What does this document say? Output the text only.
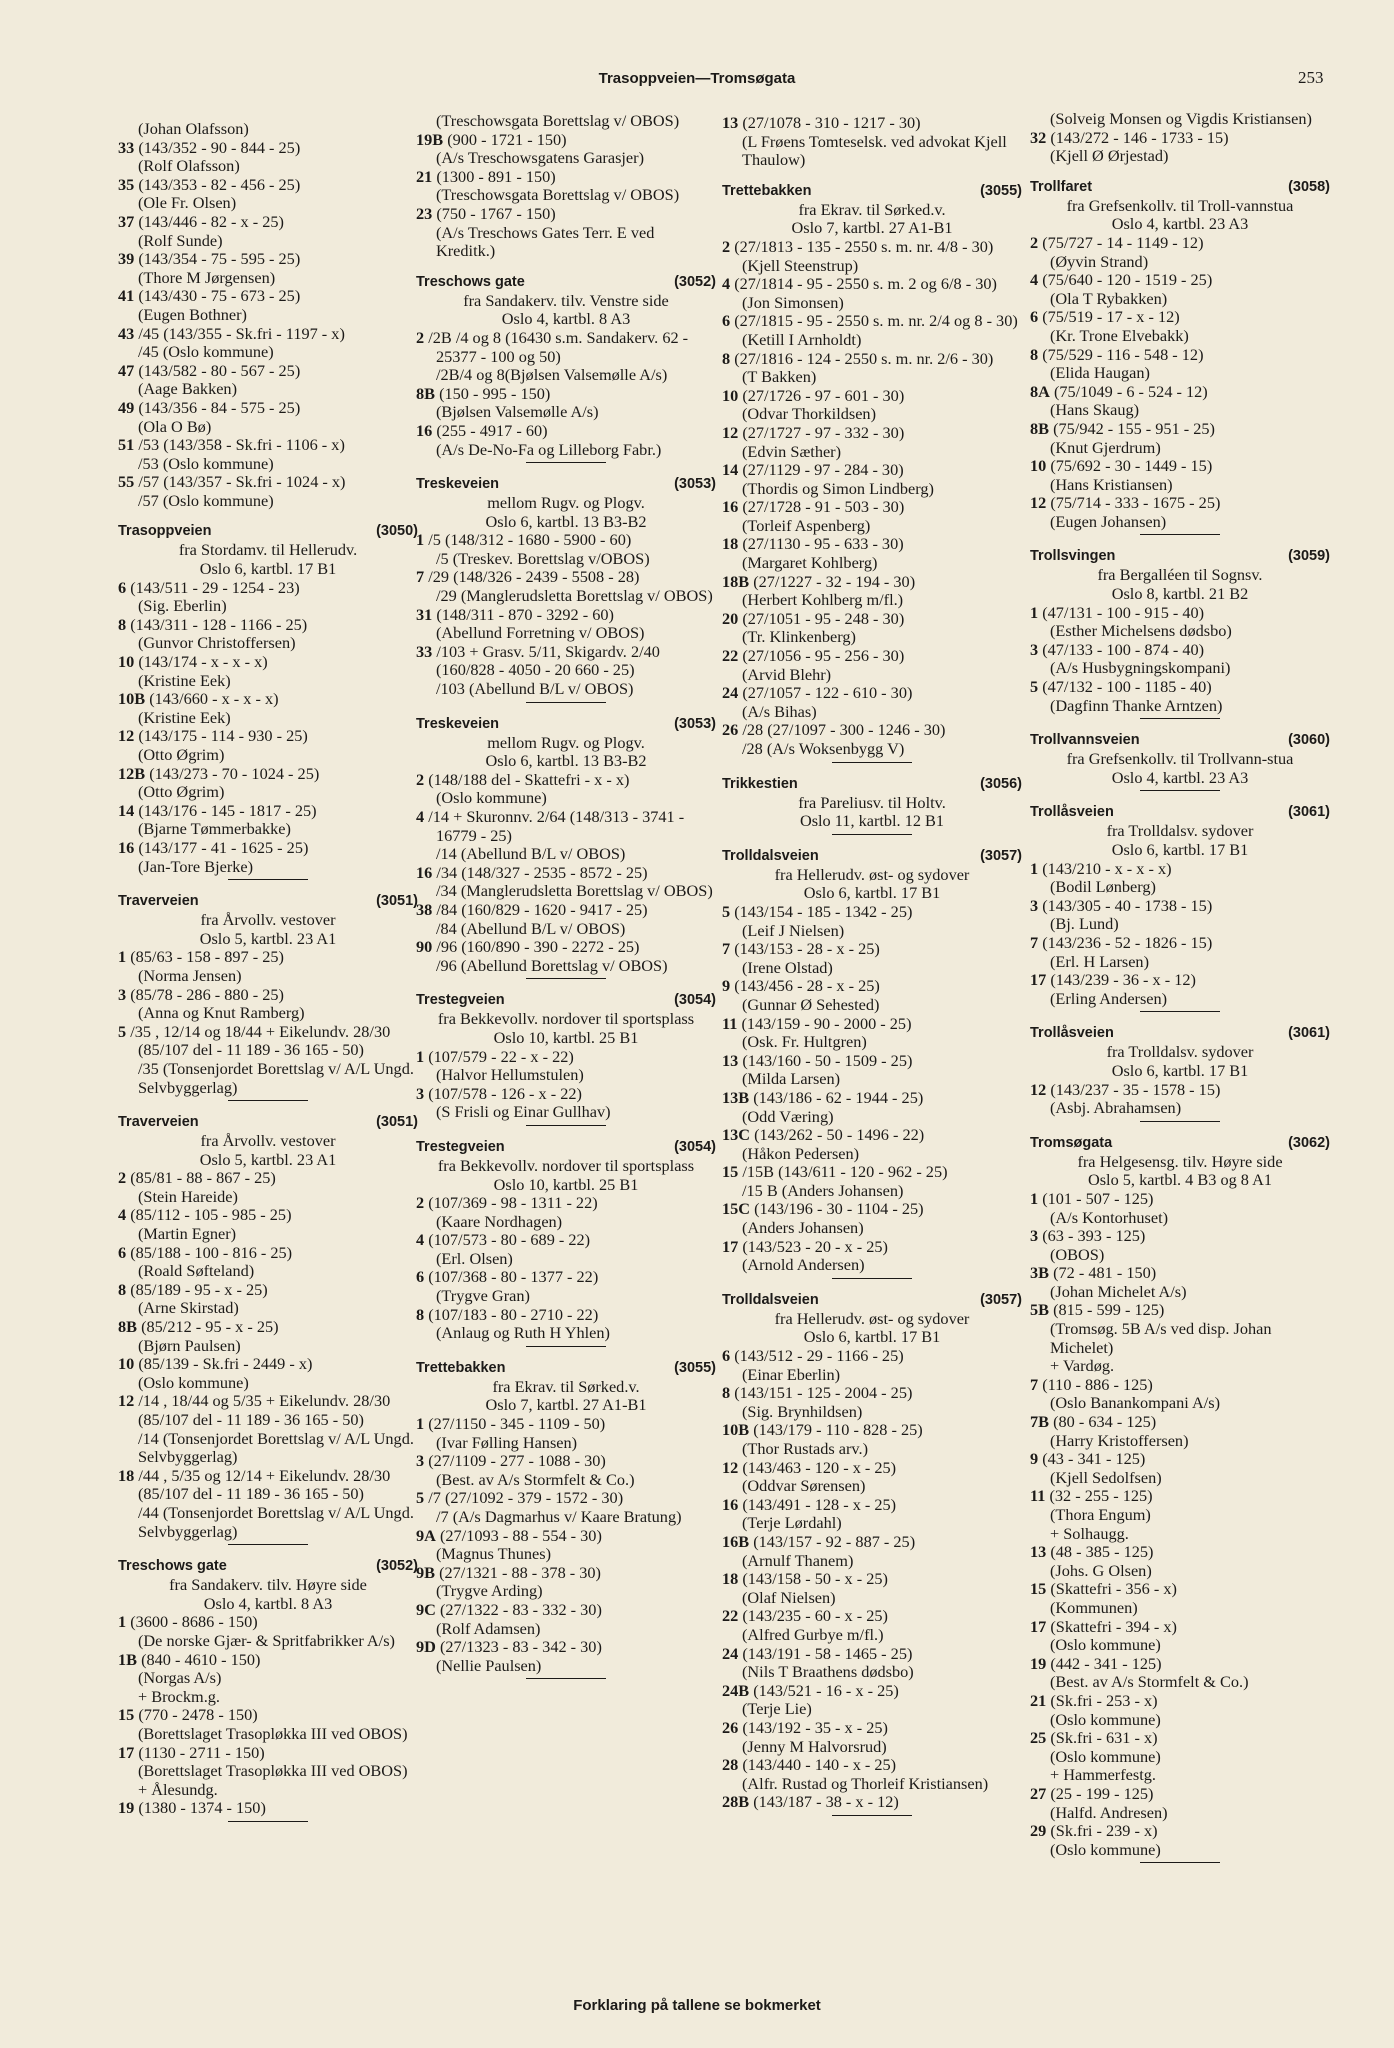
Trasoppveien—Tromsøgata	253
(Johan Olafsson)
33 (143/352 - 90 - 844 - 25)
(Rolf Olafsson)
35 (143/353 - 82 - 456 - 25)
(Ole Fr. Olsen)
37 (143/446 - 82 - x - 25)
(Rolf Sunde)
39 (143/354 - 75 - 595 - 25)
(Thore M Jørgensen)
41 (143/430 - 75 - 673 - 25)
(Eugen Bothner)
43 /45 (143/355 - Sk.fri - 1197 - x)
/45 (Oslo kommune)
47 (143/582 - 80 - 567 - 25)
(Aage Bakken)
49 (143/356 - 84 - 575 - 25)
(Ola O Bø)
51 /53 (143/358 - Sk.fri - 1106 - x)
/53 (Oslo kommune)
55 /57 (143/357 - Sk.fri - 1024 - x)
/57 (Oslo kommune)
Trasoppveien	(3050)
fra Stordamv. til Hellerudv.
Oslo 6, kartbl. 17 B1
6 (143/511 - 29 - 1254 - 23)
(Sig. Eberlin)
8 (143/311 - 128 - 1166 - 25)
(Gunvor Christoffersen)
10 (143/174 - x - x - x)
(Kristine Eek)
10B (143/660 - x - x - x)
(Kristine Eek)
12 (143/175 - 114 - 930 - 25)
(Otto Øgrim)
12B (143/273 - 70 - 1024 - 25)
(Otto Øgrim)
14 (143/176 - 145 - 1817 - 25)
(Bjarne Tømmerbakke)
16 (143/177 - 41 - 1625 - 25)
(Jan-Tore Bjerke)
Traverveien	(3051)
fra Årvollv. vestover
Oslo 5, kartbl. 23 A1
1 (85/63 - 158 - 897 - 25)
(Norma Jensen)
3 (85/78 - 286 - 880 - 25)
(Anna og Knut Ramberg)
5 /35 , 12/14 og 18/44 + Eikelundv. 28/30 (85/107 del - 11 189 - 36 165 - 50)
/35 (Tonsenjordet Borettslag v/ A/L Ungd. Selvbyggerlag)
Traverveien	(3051)
fra Årvollv. vestover
Oslo 5, kartbl. 23 A1
2 (85/81 - 88 - 867 - 25)
(Stein Hareide)
4 (85/112 - 105 - 985 - 25)
(Martin Egner)
6 (85/188 - 100 - 816 - 25)
(Roald Søfteland)
8 (85/189 - 95 - x - 25)
(Arne Skirstad)
8B (85/212 - 95 - x - 25)
(Bjørn Paulsen)
10 (85/139 - Sk.fri - 2449 - x)
(Oslo kommune)
12 /14 , 18/44 og 5/35 + Eikelundv. 28/30 (85/107 del - 11 189 - 36 165 - 50)
/14 (Tonsenjordet Borettslag v/ A/L Ungd. Selvbyggerlag)
18 /44 , 5/35 og 12/14 + Eikelundv. 28/30 (85/107 del - 11 189 - 36 165 - 50)
/44 (Tonsenjordet Borettslag v/ A/L Ungd. Selvbyggerlag)
Treschows gate	(3052)
fra Sandakerv. tilv. Høyre side
Oslo 4, kartbl. 8 A3
1 (3600 - 8686 - 150)
(De norske Gjær- & Spritfabrikker A/s)
1B (840 - 4610 - 150)
(Norgas A/s)
+ Brockm.g.
15 (770 - 2478 - 150)
(Borettslaget Trasopløkka III ved OBOS)
17 (1130 - 2711 - 150)
(Borettslaget Trasopløkka III ved OBOS)
+ Ålesundg.
19 (1380 - 1374 - 150)
(Treschowsgata Borettslag v/ OBOS)
19B (900 - 1721 - 150)
(A/s Treschowsgatens Garasjer)
21 (1300 - 891 - 150)
(Treschowsgata Borettslag v/ OBOS)
23 (750 - 1767 - 150)
(A/s Treschows Gates Terr. E ved Kreditk.)
Treschows gate	(3052)
fra Sandakerv. tilv. Venstre side
Oslo 4, kartbl. 8 A3
2 /2B /4 og 8 (16430 s.m. Sandakerv. 62 - 25377 - 100 og 50)
/2B/4 og 8(Bjølsen Valsemølle A/s)
8B (150 - 995 - 150)
(Bjølsen Valsemølle A/s)
16 (255 - 4917 - 60)
(A/s De-No-Fa og Lilleborg Fabr.)
Treskeveien	(3053)
mellom Rugv. og Plogv.
Oslo 6, kartbl. 13 B3-B2
1 /5 (148/312 - 1680 - 5900 - 60)
/5 (Treskev. Borettslag v/OBOS)
7 /29 (148/326 - 2439 - 5508 - 28)
/29 (Manglerudsletta Borettslag v/ OBOS)
31 (148/311 - 870 - 3292 - 60)
(Abellund Forretning v/ OBOS)
33 /103 + Grasv. 5/11, Skigardv. 2/40 (160/828 - 4050 - 20 660 - 25)
/103 (Abellund B/L v/ OBOS)
Treskeveien	(3053)
mellom Rugv. og Plogv.
Oslo 6, kartbl. 13 B3-B2
2 (148/188 del - Skattefri - x - x)
(Oslo kommune)
4 /14 + Skuronnv. 2/64 (148/313 - 3741 - 16779 - 25)
/14 (Abellund B/L v/ OBOS)
16 /34 (148/327 - 2535 - 8572 - 25)
/34 (Manglerudsletta Borettslag v/ OBOS)
38 /84 (160/829 - 1620 - 9417 - 25)
/84 (Abellund B/L v/ OBOS)
90 /96 (160/890 - 390 - 2272 - 25)
/96 (Abellund Borettslag v/ OBOS)
Trestegveien	(3054)
fra Bekkevollv. nordover til sportsplass
Oslo 10, kartbl. 25 B1
1 (107/579 - 22 - x - 22)
(Halvor Hellumstulen)
3 (107/578 - 126 - x - 22)
(S Frisli og Einar Gullhav)
Trestegveien	(3054)
fra Bekkevollv. nordover til sportsplass
Oslo 10, kartbl. 25 B1
2 (107/369 - 98 - 1311 - 22)
(Kaare Nordhagen)
4 (107/573 - 80 - 689 - 22)
(Erl. Olsen)
6 (107/368 - 80 - 1377 - 22)
(Trygve Gran)
8 (107/183 - 80 - 2710 - 22)
(Anlaug og Ruth H Yhlen)
Trettebakken	(3055)
fra Ekrav. til Sørked.v.
Oslo 7, kartbl. 27 A1-B1
1 (27/1150 - 345 - 1109 - 50)
(Ivar Følling Hansen)
3 (27/1109 - 277 - 1088 - 30)
(Best. av A/s Stormfelt & Co.)
5 /7 (27/1092 - 379 - 1572 - 30)
/7 (A/s Dagmarhus v/ Kaare Bratung)
9A (27/1093 - 88 - 554 - 30)
(Magnus Thunes)
9B (27/1321 - 88 - 378 - 30)
(Trygve Arding)
9C (27/1322 - 83 - 332 - 30)
(Rolf Adamsen)
9D (27/1323 - 83 - 342 - 30)
(Nellie Paulsen)
13 (27/1078 - 310 - 1217 - 30)
(L Frøens Tomteselsk. ved advokat Kjell Thaulow)
Trettebakken	(3055)
fra Ekrav. til Sørked.v.
Oslo 7, kartbl. 27 A1-B1
2 (27/1813 - 135 - 2550 s. m. nr. 4/8 - 30)
(Kjell Steenstrup)
4 (27/1814 - 95 - 2550 s. m. 2 og 6/8 - 30)
(Jon Simonsen)
6 (27/1815 - 95 - 2550 s. m. nr. 2/4 og 8 - 30)
(Ketill I Arnholdt)
8 (27/1816 - 124 - 2550 s. m. nr. 2/6 - 30)
(T Bakken)
10 (27/1726 - 97 - 601 - 30)
(Odvar Thorkildsen)
12 (27/1727 - 97 - 332 - 30)
(Edvin Sæther)
14 (27/1129 - 97 - 284 - 30)
(Thordis og Simon Lindberg)
16 (27/1728 - 91 - 503 - 30)
(Torleif Aspenberg)
18 (27/1130 - 95 - 633 - 30)
(Margaret Kohlberg)
18B (27/1227 - 32 - 194 - 30)
(Herbert Kohlberg m/fl.)
20 (27/1051 - 95 - 248 - 30)
(Tr. Klinkenberg)
22 (27/1056 - 95 - 256 - 30)
(Arvid Blehr)
24 (27/1057 - 122 - 610 - 30)
(A/s Bihas)
26 /28 (27/1097 - 300 - 1246 - 30)
/28 (A/s Woksenbygg V)
Trikkestien	(3056)
fra Pareliusv. til Holtv.
Oslo 11, kartbl. 12 B1
Trolldalsveien	(3057)
fra Hellerudv. øst- og sydover
Oslo 6, kartbl. 17 B1
5 (143/154 - 185 - 1342 - 25)
(Leif J Nielsen)
7 (143/153 - 28 - x - 25)
(Irene Olstad)
9 (143/456 - 28 - x - 25)
(Gunnar Ø Sehested)
11 (143/159 - 90 - 2000 - 25)
(Osk. Fr. Hultgren)
13 (143/160 - 50 - 1509 - 25)
(Milda Larsen)
13B (143/186 - 62 - 1944 - 25)
(Odd Væring)
13C (143/262 - 50 - 1496 - 22)
(Håkon Pedersen)
15 /15B (143/611 - 120 - 962 - 25)
/15 B (Anders Johansen)
15C (143/196 - 30 - 1104 - 25)
(Anders Johansen)
17 (143/523 - 20 - x - 25)
(Arnold Andersen)
Trolldalsveien	(3057)
fra Hellerudv. øst- og sydover
Oslo 6, kartbl. 17 B1
6 (143/512 - 29 - 1166 - 25)
(Einar Eberlin)
8 (143/151 - 125 - 2004 - 25)
(Sig. Brynhildsen)
10B (143/179 - 110 - 828 - 25)
(Thor Rustads arv.)
12 (143/463 - 120 - x - 25)
(Oddvar Sørensen)
16 (143/491 - 128 - x - 25)
(Terje Lørdahl)
16B (143/157 - 92 - 887 - 25)
(Arnulf Thanem)
18 (143/158 - 50 - x - 25)
(Olaf Nielsen)
22 (143/235 - 60 - x - 25)
(Alfred Gurbye m/fl.)
24 (143/191 - 58 - 1465 - 25)
(Nils T Braathens dødsbo)
24B (143/521 - 16 - x - 25)
(Terje Lie)
26 (143/192 - 35 - x - 25)
(Jenny M Halvorsrud)
28 (143/440 - 140 - x - 25)
(Alfr. Rustad og Thorleif Kristiansen)
28B (143/187 - 38 - x - 12)
(Solveig Monsen og Vigdis Kristiansen)
32 (143/272 - 146 - 1733 - 15)
(Kjell Ø Ørjestad)
Trollfaret	(3058)
fra Grefsenkollv. til Troll-vannstua
Oslo 4, kartbl. 23 A3
2 (75/727 - 14 - 1149 - 12)
(Øyvin Strand)
4 (75/640 - 120 - 1519 - 25)
(Ola T Rybakken)
6 (75/519 - 17 - x - 12)
(Kr. Trone Elvebakk)
8 (75/529 - 116 - 548 - 12)
(Elida Haugan)
8A (75/1049 - 6 - 524 - 12)
(Hans Skaug)
8B (75/942 - 155 - 951 - 25)
(Knut Gjerdrum)
10 (75/692 - 30 - 1449 - 15)
(Hans Kristiansen)
12 (75/714 - 333 - 1675 - 25)
(Eugen Johansen)
Trollsvingen	(3059)
fra Bergalléen til Sognsv.
Oslo 8, kartbl. 21 B2
1 (47/131 - 100 - 915 - 40)
(Esther Michelsens dødsbo)
3 (47/133 - 100 - 874 - 40)
(A/s Husbygningskompani)
5 (47/132 - 100 - 1185 - 40)
(Dagfinn Thanke Arntzen)
Trollvannsveien	(3060)
fra Grefsenkollv. til Trollvann-stua
Oslo 4, kartbl. 23 A3
Trollåsveien	(3061)
fra Trolldalsv. sydover
Oslo 6, kartbl. 17 B1
1 (143/210 - x - x - x)
(Bodil Lønberg)
3 (143/305 - 40 - 1738 - 15)
(Bj. Lund)
7 (143/236 - 52 - 1826 - 15)
(Erl. H Larsen)
17 (143/239 - 36 - x - 12)
(Erling Andersen)
Trollåsveien	(3061)
fra Trolldalsv. sydover
Oslo 6, kartbl. 17 B1
12 (143/237 - 35 - 1578 - 15)
(Asbj. Abrahamsen)
Tromsøgata	(3062)
fra Helgesensg. tilv. Høyre side
Oslo 5, kartbl. 4 B3 og 8 A1
1 (101 - 507 - 125)
(A/s Kontorhuset)
3 (63 - 393 - 125)
(OBOS)
3B (72 - 481 - 150)
(Johan Michelet A/s)
5B (815 - 599 - 125)
(Tromsøg. 5B A/s ved disp. Johan Michelet)
+ Vardøg.
7 (110 - 886 - 125)
(Oslo Banankompani A/s)
7B (80 - 634 - 125)
(Harry Kristoffersen)
9 (43 - 341 - 125)
(Kjell Sedolfsen)
11 (32 - 255 - 125)
(Thora Engum)
+ Solhaugg.
13 (48 - 385 - 125)
(Johs. G Olsen)
15 (Skattefri - 356 - x)
(Kommunen)
17 (Skattefri - 394 - x)
(Oslo kommune)
19 (442 - 341 - 125)
(Best. av A/s Stormfelt & Co.)
21 (Sk.fri - 253 - x)
(Oslo kommune)
25 (Sk.fri - 631 - x)
(Oslo kommune)
+ Hammerfestg.
27 (25 - 199 - 125)
(Halfd. Andresen)
29 (Sk.fri - 239 - x)
(Oslo kommune)
Forklaring på tallene se bokmerket
